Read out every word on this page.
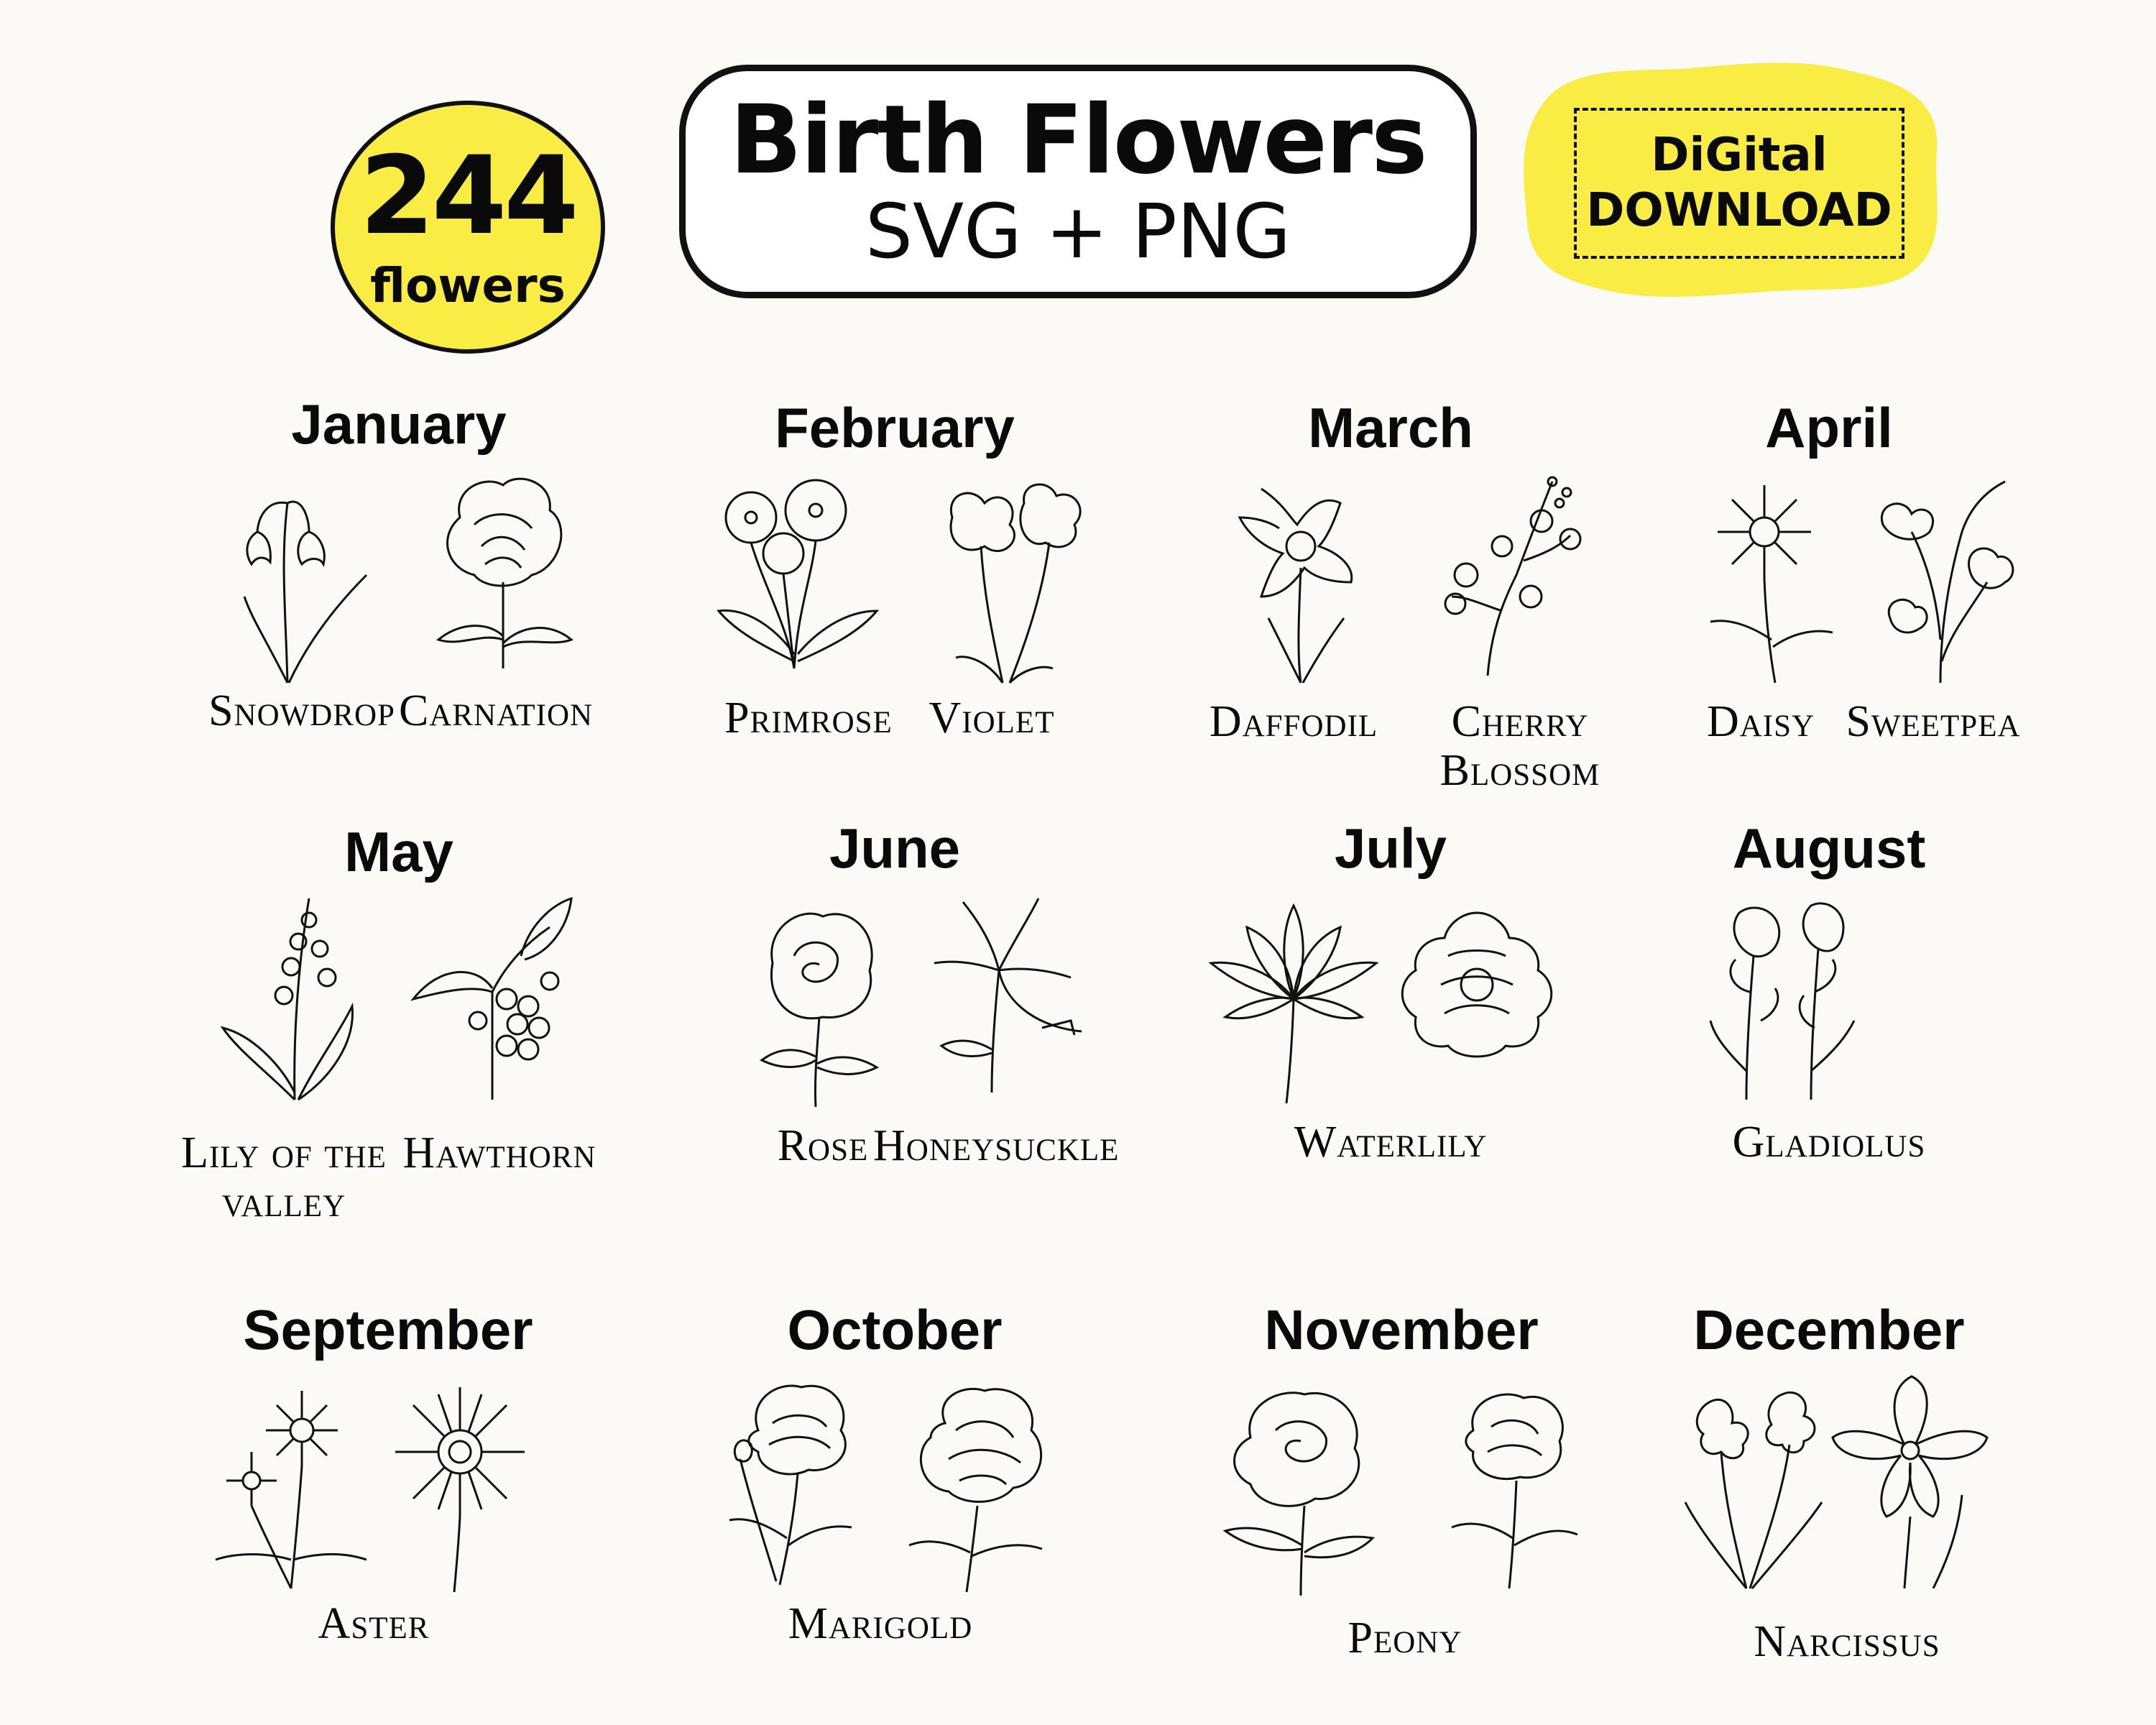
244
flowers
Birth Flowers
SVG + PNG
DiGital
DOWNLOAD
January	February	March	April
May	June	July	August
September	October	November	December
Snowdrop Carnation	Primrose Violet	Daffodil	Cherry Blossom
Daisy Sweetpea
Lily of the valley
Hawthorn	Rose Honeysuckle	Waterlily	Gladiolus
Aster	Marigold	Peony	Narcissus
